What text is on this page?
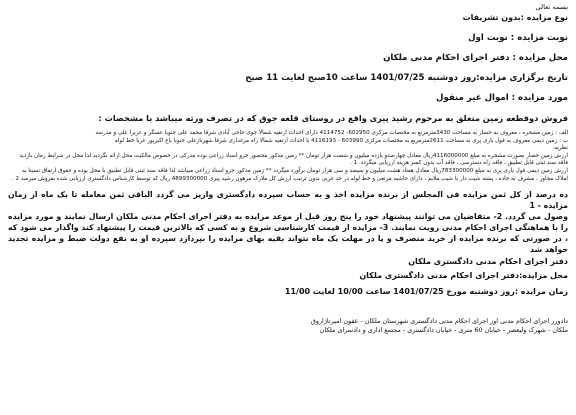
بسمه تعالی
نوع مزایده :بدون تشریفات
نوبت مزایده : نوبت اول
محل مزایده : دفتر اجرای احکام مدنی ملکان
تاریخ برگزاری مزایده:روز دوشنبه 1401/07/25 ساعت 10صبح لغایت 11 صبح
مورد مزایده : اموال غیر منقول
فروش دوقطعه زمین متعلق به مرحوم رشید پیری واقع در روستای قلعه جوق که در تصرف ورثه میباشد با مشخصات :

الف : زمین مشجره ، معروف به حسار به مساحت 3430مترمربع به مختصات مرکزی 602950- 4114752 دارای احداث ارتفیه شمالا جوی حاجی آبادی شرقا محمد علی جنوبا عسگر و عزیزا علی و مدرسه

ب : زمین دیمی معروف به قول یاری پری به مساحت 2611مترمربع به مختصات مرکزی 603990 - 4116193 با احداث ارتفیه شمالا راه مرغداری شرقا شهرنازعلی جنوبا باغ اکبرپور غربا خط لوله

نظریه:

ارزش زمین حصار بصورت مشجره به مبلغ 4116000000ریال معادل چهارصدو یازده میلیون و شصت هزار تومان ** زمین مذکور محصور جزو اسناد زراعی بوده مدرکی در خصوص مالکیت محل ارائه نگردید لذا محل در شرایط زمان بازدید فاقد سند ثبتی قابل تطبیق ، فاقد راه دسترسی ، فاقد آب بدون کسر هزینه ارزیابی میگردد. 1 .

ارزش زمین دیمی قول یاری پری به مبلغ 783300000ریال معادل هفتاد هشت میلیون و سیصد و سی هزار تومان برآورد میگردد ** زمین مذکور جزو اسناد زراعی میباشد لذا فاقد سند ثبتی قابل تطبیق با محل بوده و حقوق ارتفاق نسبتا به املاک مجاور ، مشرف به جاده ، پشته شیب دار با شیب ملایم ، دارای حاشیه مرتعی و خط لوله در حد غربی بدون ترتیب ارزش کل ملارک مرهون رشید پیری 4899300000 ریال که توسط کارشناس دادگستری ارزیابی شده بفروش میرسد 2 .

ده درصد از کل ثمن مزایده فی المجلس از برنده مزایده اخذ و به حساب سپرده دادگستری واریز می گردد الباقی ثمن معامله تا یک ماه از زمان مزایده - 1

وصول می گردد. 2- متقاضیان می توانند پیشنهاد خود را پنج روز قبل از موعد مزایده به دفتر اجرای احکام مدنی ملکان ارسال نمایند و مورد مزایده را با هماهنگی اجرای احکام مدنی رویت نمایند. 3- مزایده از قیمت کارشناسی شروع و به کسی که بالاترین قیمت را پیشنهاد کند واگذار می شود که ، در صورتی که برنده مزایده از خرید منصرف و یا در مهلت یک ماه نتواند بقیه بهای مزایده را بپردازد سپرده او به نفع دولت ضبط و مزایده تجدید خواهد شد

دفتر اجرای احکام مدنی دادگستری ملکان
محل مزایده:دفتر اجرای احکام مدنی دادگستری ملکان
زمان مزایده :روز دوشنبه مورخ 1401/07/25 ساعت 10/00 لغایت 11/00
دادورز اجرای احکام مدنی اوز اجرای احکام مدنی دادگستری شهرستان ملکان - عفون امیرتاژاروق
ملکان - شهرک ولیعصر - خیابان 60 متری - خیابان دادگستری - مجتمع اداری و دادسرای ملکان
